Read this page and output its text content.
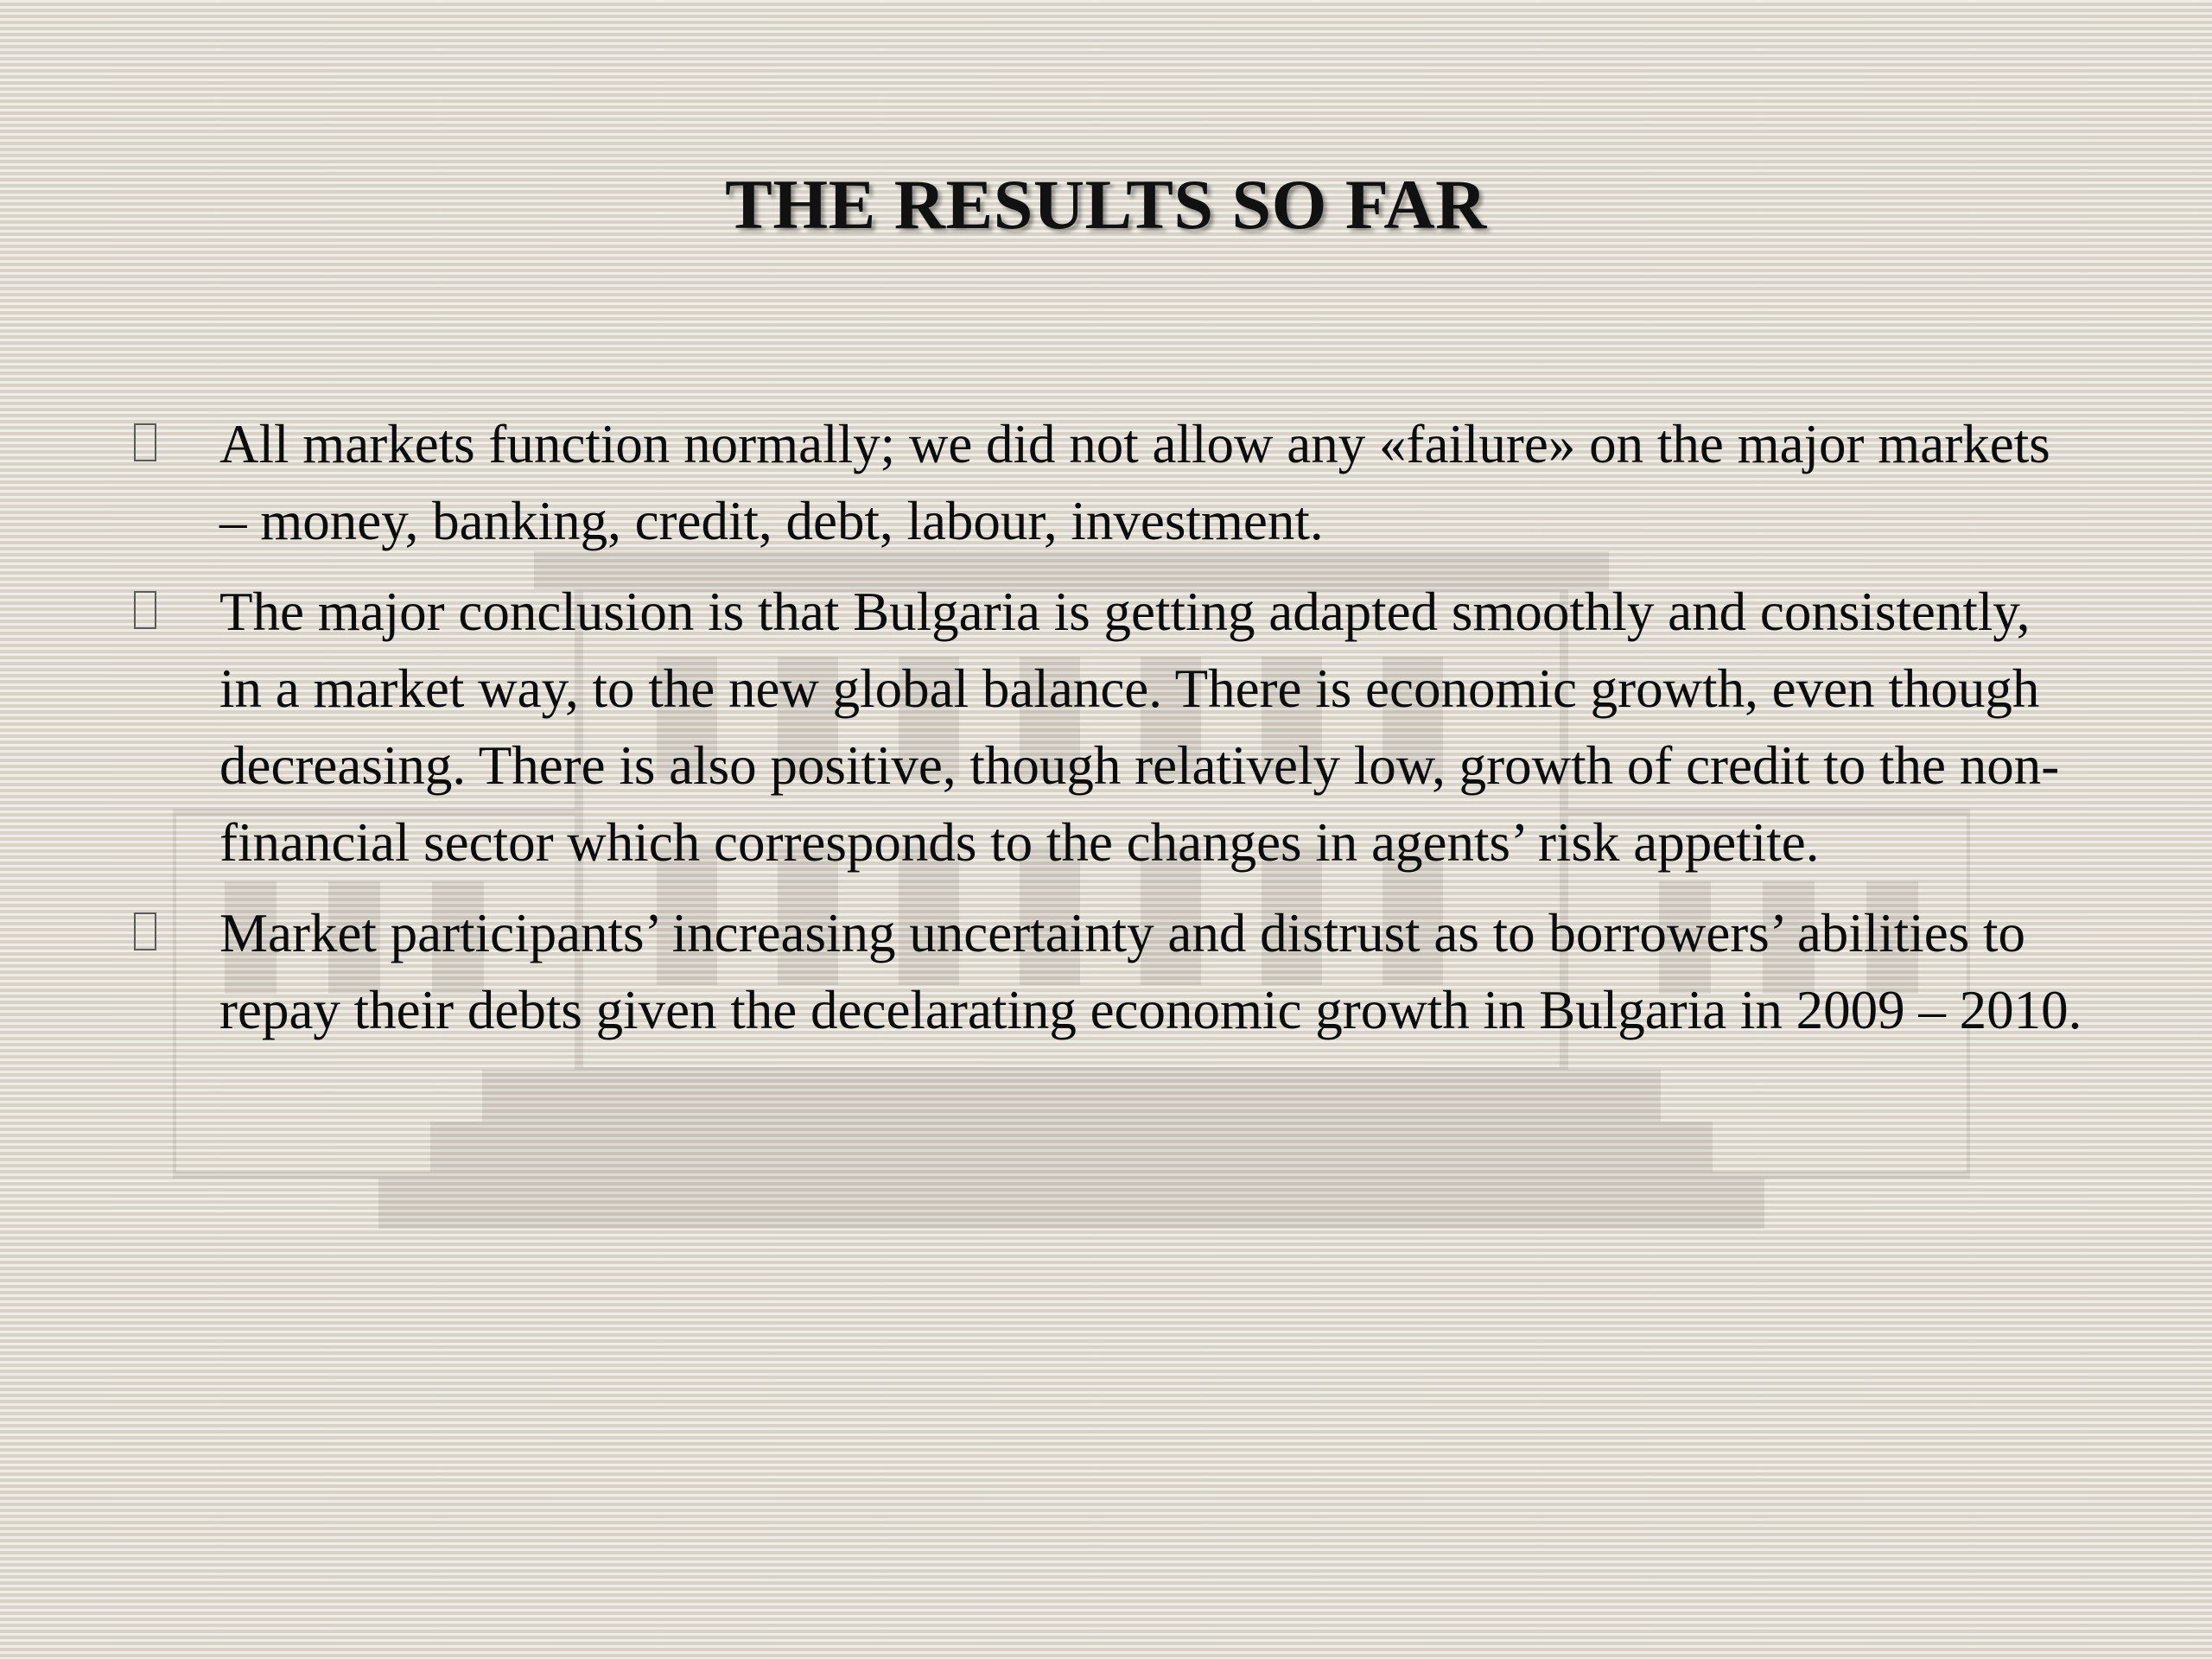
THE RESULTS SO FAR
All markets function normally; we did not allow any «failure» on the major markets – money, banking, credit, debt, labour, investment.
The major conclusion is that Bulgaria is getting adapted smoothly and consistently, in a market way, to the new global balance. There is economic growth, even though decreasing. There is also positive, though relatively low, growth of credit to the non-financial sector which corresponds to the changes in agents’ risk appetite.
Market participants’ increasing uncertainty and distrust as to borrowers’ abilities to repay their debts given the decelarating economic growth in Bulgaria in 2009 – 2010.
